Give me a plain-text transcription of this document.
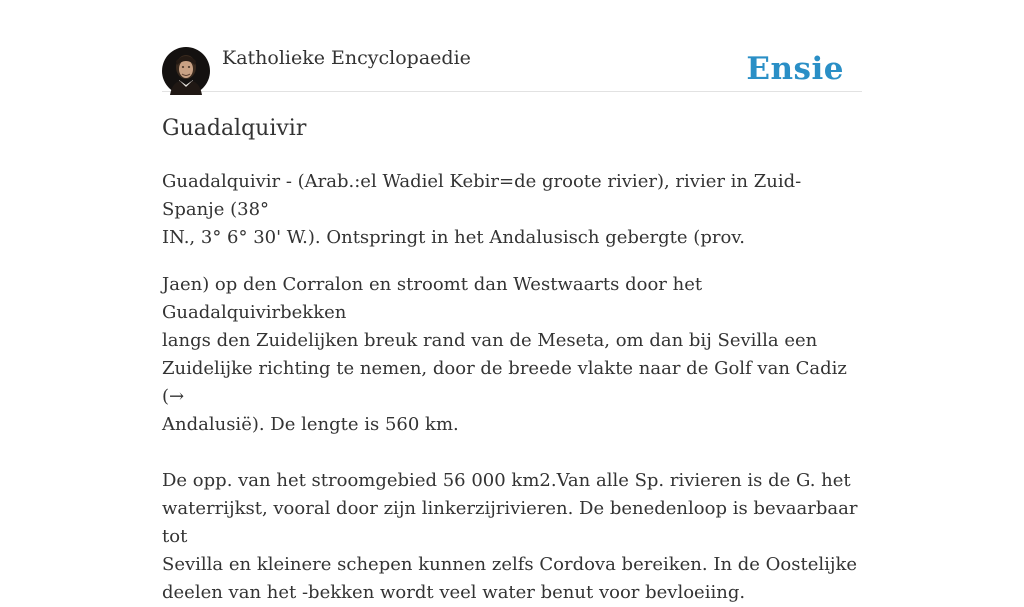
Katholieke Encyclopaedie	Ensie
Guadalquivir

Guadalquivir - (Arab.:el Wadiel Kebir=de groote rivier), rivier in Zuid-Spanje (38°
IN., 3° 6° 30' W.). Ontspringt in het Andalusisch gebergte (prov.

Jaen) op den Corralon en stroomt dan Westwaarts door het Guadalquivirbekken
langs den Zuidelijken breuk rand van de Meseta, om dan bij Sevilla een
Zuidelijke richting te nemen, door de breede vlakte naar de Golf van Cadiz (→
Andalusië). De lengte is 560 km.

De opp. van het stroomgebied 56 000 km2.Van alle Sp. rivieren is de G. het
waterrijkst, vooral door zijn linkerzijrivieren. De benedenloop is bevaarbaar tot
Sevilla en kleinere schepen kunnen zelfs Cordova bereiken. In de Oostelijke
deelen van het -bekken wordt veel water benut voor bevloeiing.
